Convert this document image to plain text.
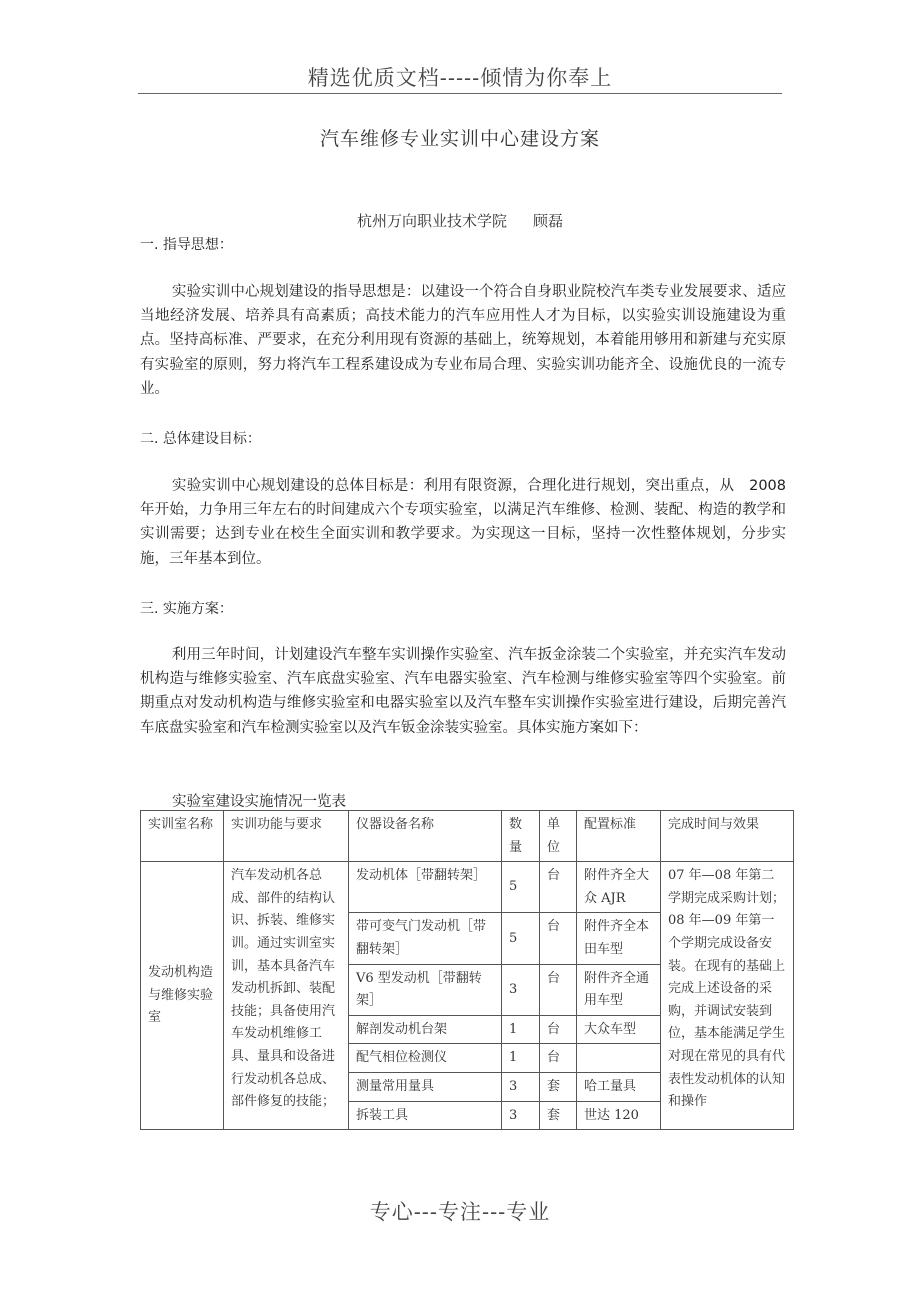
精选优质文档-----倾情为你奉上
汽车维修专业实训中心建设方案
杭州万向职业技术学院 顾磊
一. 指导思想：
实验实训中心规划建设的指导思想是：以建设一个符合自身职业院校汽车类专业发展要求、适应当地经济发展、培养具有高素质；高技术能力的汽车应用性人才为目标，以实验实训设施建设为重点。坚持高标准、严要求，在充分利用现有资源的基础上，统筹规划，本着能用够用和新建与充实原有实验室的原则，努力将汽车工程系建设成为专业布局合理、实验实训功能齐全、设施优良的一流专业。
二. 总体建设目标：
实验实训中心规划建设的总体目标是：利用有限资源，合理化进行规划，突出重点，从　2008 年开始，力争用三年左右的时间建成六个专项实验室，以满足汽车维修、检测、装配、构造的教学和实训需要；达到专业在校生全面实训和教学要求。为实现这一目标，坚持一次性整体规划，分步实施，三年基本到位。
三. 实施方案：
利用三年时间，计划建设汽车整车实训操作实验室、汽车扳金涂装二个实验室，并充实汽车发动机构造与维修实验室、汽车底盘实验室、汽车电器实验室、汽车检测与维修实验室等四个实验室。前期重点对发动机构造与维修实验室和电器实验室以及汽车整车实训操作实验室进行建设，后期完善汽车底盘实验室和汽车检测实验室以及汽车钣金涂装实验室。具体实施方案如下：
实验室建设实施情况一览表
实训室名称	实训功能与要求	仪器设备名称	数量	单位	配置标准	完成时间与效果
发动机构造与维修实验室	汽车发动机各总成、部件的结构认识、拆装、维修实训。通过实训室实训，基本具备汽车发动机拆卸、装配技能；具备使用汽车发动机维修工具、量具和设备进行发动机各总成、部件修复的技能；	发动机体［带翻转架］	5	台	附件齐全大众 AJR	07 年—08 年第二学期完成采购计划；08 年—09 年第一个学期完成设备安装。在现有的基础上完成上述设备的采购，并调试安装到位，基本能满足学生对现在常见的具有代表性发动机体的认知和操作
		带可变气门发动机［带翻转架］	5	台	附件齐全本田车型	
		V6 型发动机［带翻转架］	3	台	附件齐全通用车型	
		解剖发动机台架	1	台	大众车型	
		配气相位检测仪	1	台		
		测量常用量具	3	套	哈工量具	
		拆装工具	3	套	世达 120	
专心---专注---专业
